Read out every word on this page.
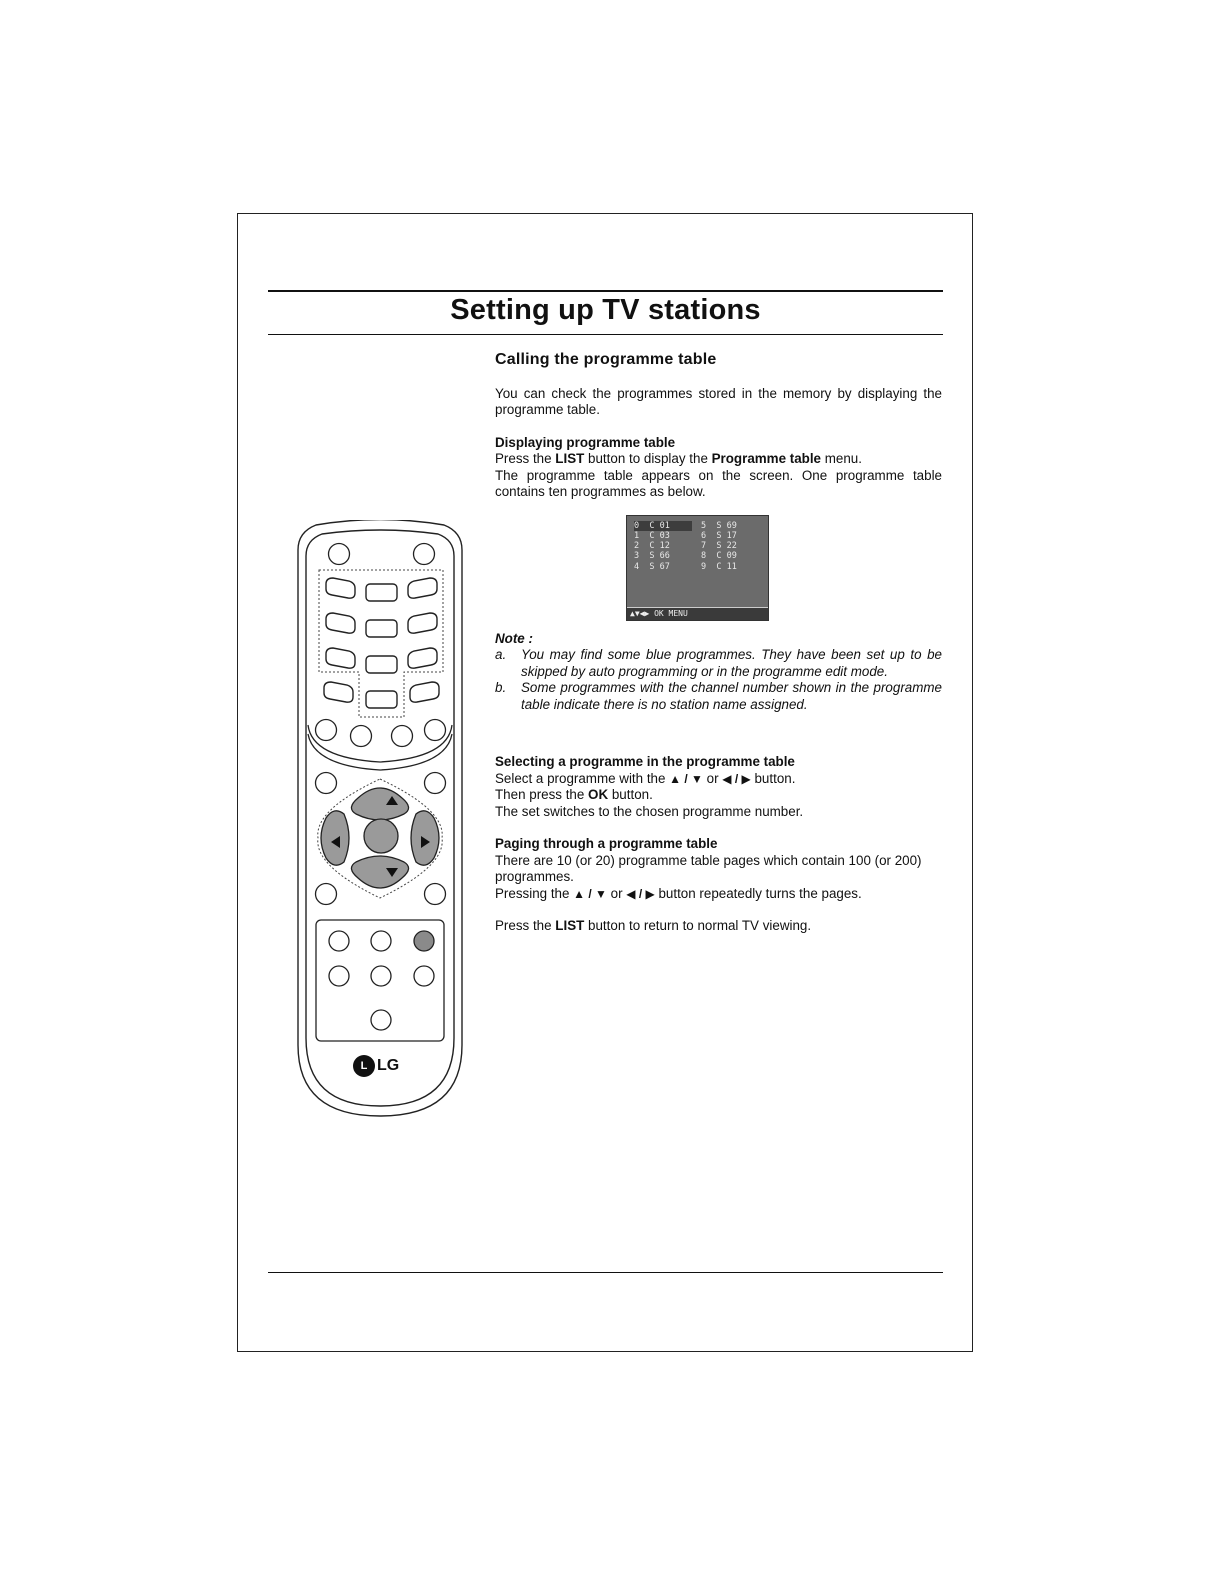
Setting up TV stations
L LG

Calling the programme table

You can check the programmes stored in the memory by displaying the programme table.

Displaying programme table

Press the LIST button to display the Programme table menu.

The programme table appears on the screen. One programme table contains ten programmes as below.

0  C 01	5  S 69
1  C 03	6  S 17
2  C 12	7  S 22
3  S 66	8  C 09
4  S 67	9  C 11
▲▼◀▶ OK MENU

Note :

a.	You may find some blue programmes. They have been set up to be skipped by auto programming or in the programme edit mode.
b.	Some programmes with the channel number shown in the programme table indicate there is no station name assigned.

Selecting a programme in the programme table

Select a programme with the ▲ / ▼ or ◀ / ▶ button.

Then press the OK button.

The set switches to the chosen programme number.

Paging through a programme table

There are 10 (or 20) programme table pages which contain 100 (or 200) programmes.

Pressing the ▲ / ▼ or ◀ / ▶ button repeatedly turns the pages.

Press the LIST button to return to normal TV viewing.
